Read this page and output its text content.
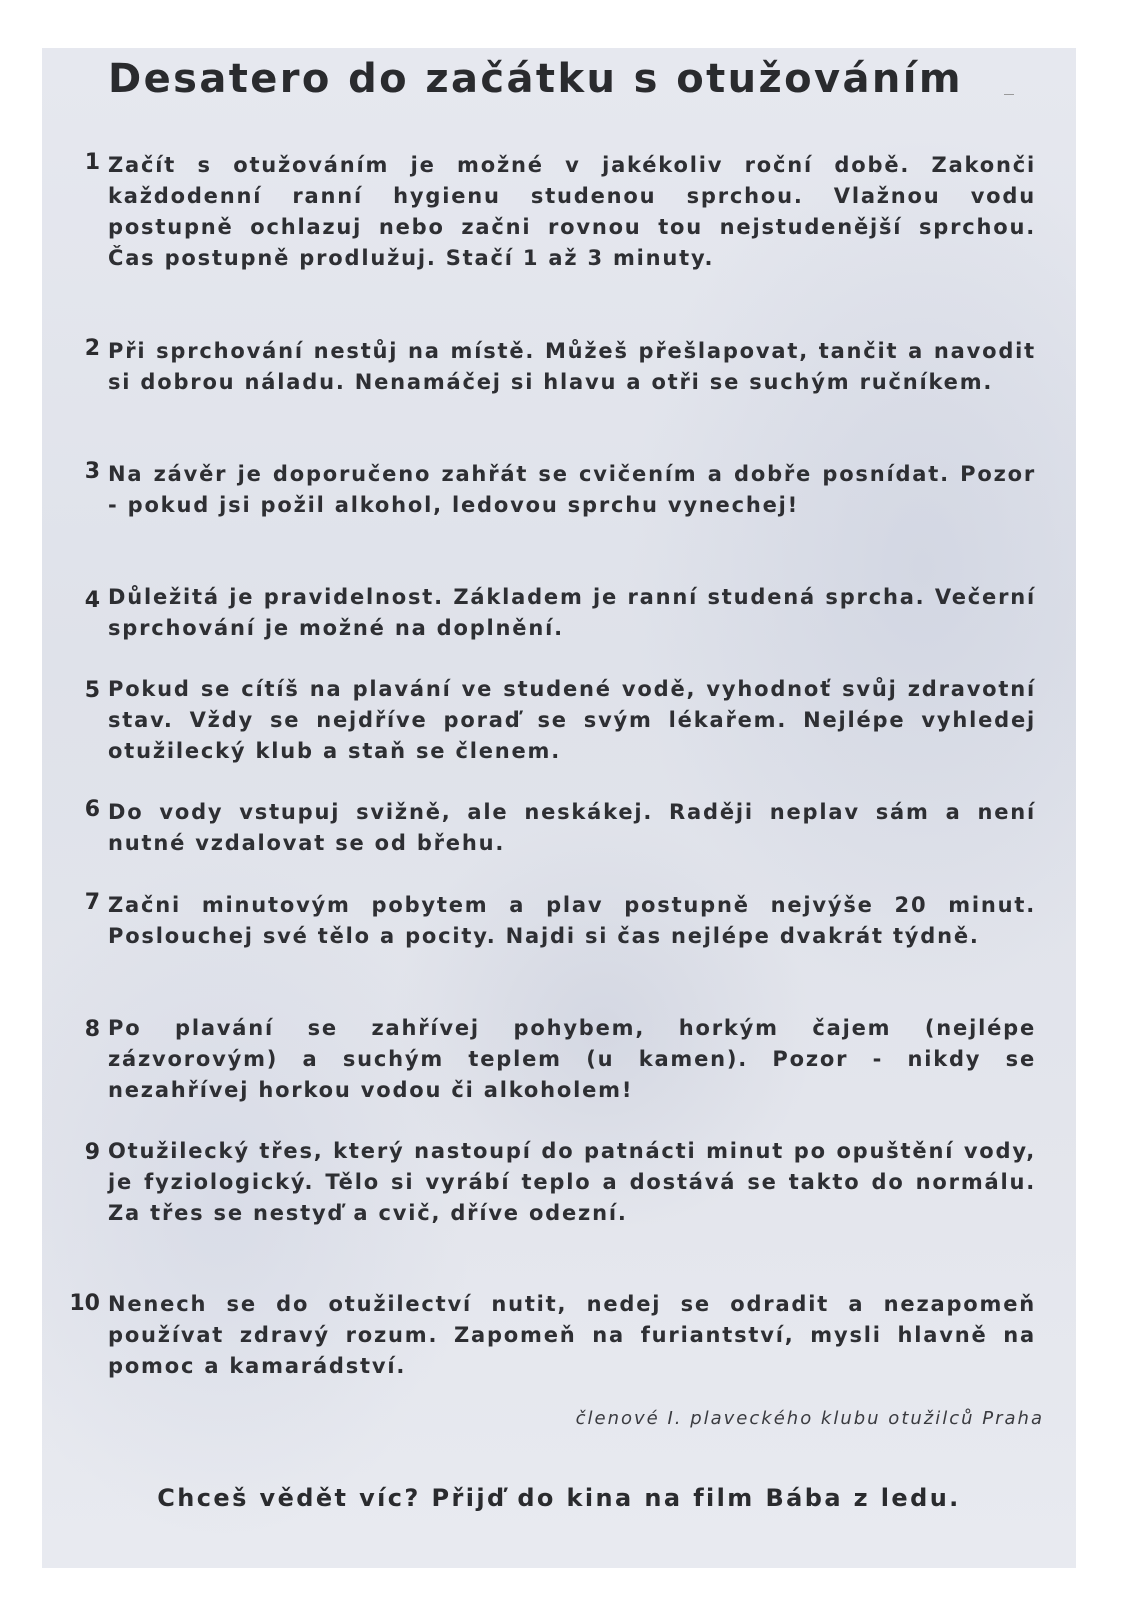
Desatero do začátku s otužováním
1 Začít s otužováním je možné v jakékoliv roční době. Zakonči každodenní ranní hygienu studenou sprchou. Vlažnou vodu postupně ochlazuj nebo začni rovnou tou nejstudenější sprchou. Čas postupně prodlužuj. Stačí 1 až 3 minuty.

2 Při sprchování nestůj na místě. Můžeš přešlapovat, tančit a navodit si dobrou náladu. Nenamáčej si hlavu a otři se suchým ručníkem.

3 Na závěr je doporučeno zahřát se cvičením a dobře posnídat. Pozor - pokud jsi požil alkohol, ledovou sprchu vynechej!

4 Důležitá je pravidelnost. Základem je ranní studená sprcha. Večerní sprchování je možné na doplnění.

5 Pokud se cítíš na plavání ve studené vodě, vyhodnoť svůj zdravotní stav. Vždy se nejdříve poraď se svým lékařem. Nejlépe vyhledej otužilecký klub a staň se členem.

6 Do vody vstupuj svižně, ale neskákej. Raději neplav sám a není nutné vzdalovat se od břehu.

7 Začni minutovým pobytem a plav postupně nejvýše 20 minut. Poslouchej své tělo a pocity. Najdi si čas nejlépe dvakrát týdně.

8 Po plavání se zahřívej pohybem, horkým čajem (nejlépe zázvorovým) a suchým teplem (u kamen). Pozor - nikdy se nezahřívej horkou vodou či alkoholem!

9 Otužilecký třes, který nastoupí do patnácti minut po opuštění vody, je fyziologický. Tělo si vyrábí teplo a dostává se takto do normálu. Za třes se nestyď a cvič, dříve odezní.

10 Nenech se do otužilectví nutit, nedej se odradit a nezapomeň používat zdravý rozum. Zapomeň na furiantství, mysli hlavně na pomoc a kamarádství.

členové I. plaveckého klubu otužilců Praha

Chceš vědět víc? Přijď do kina na film Bába z ledu.
